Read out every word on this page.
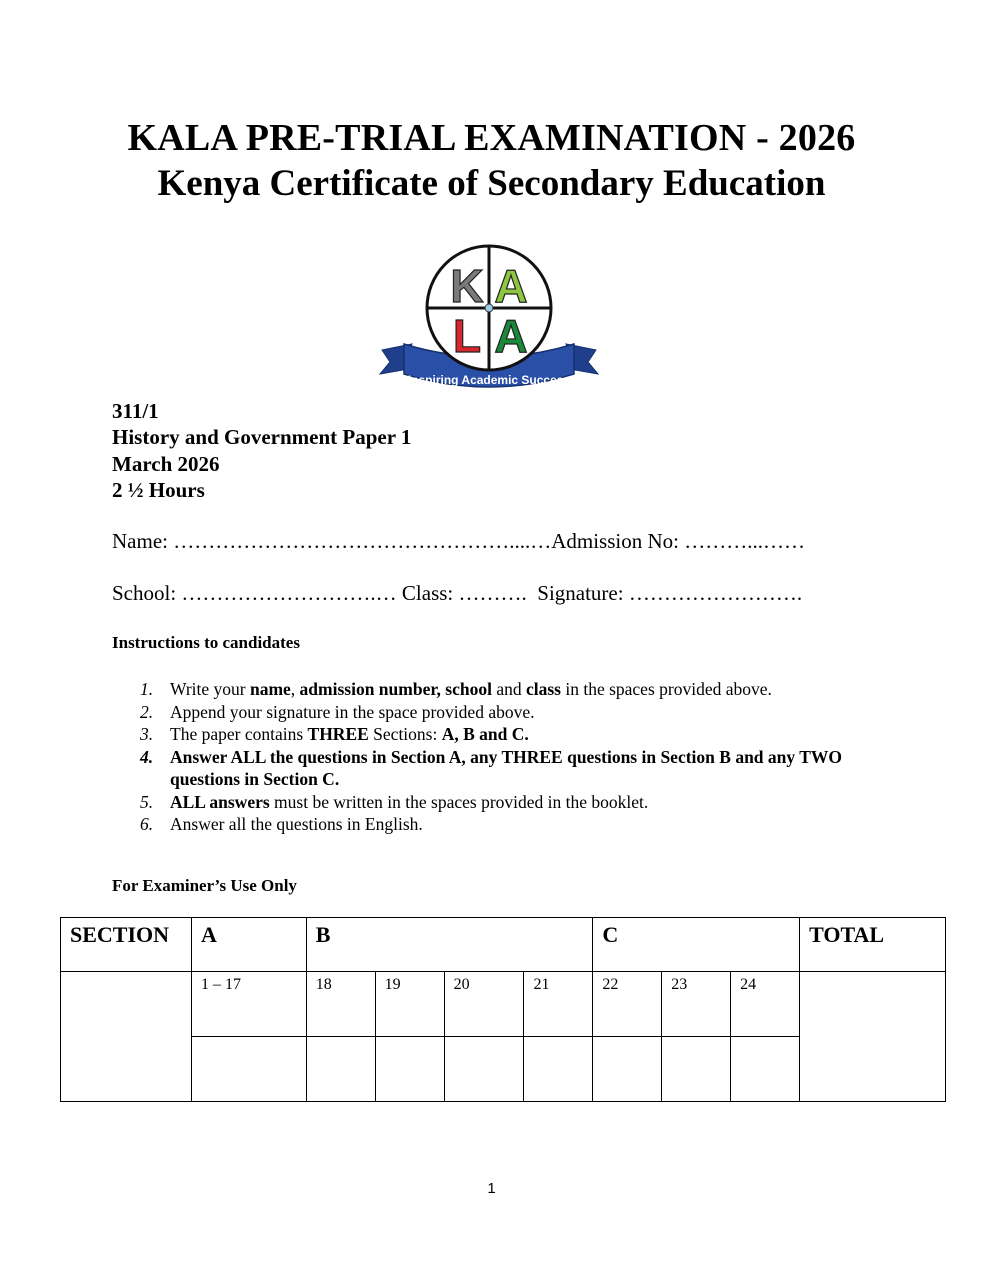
KALA PRE-TRIAL EXAMINATION - 2026
Kenya Certificate of Secondary Education
Inspiring Academic Success
K A
L A
311/1
History and Government Paper 1
March 2026
2 ½ Hours
Name: …………………………………………....…Admission No: ………...……
School: ……………………….… Class: ……….  Signature: …………………….
Instructions to candidates
1. Write your name, admission number, school and class in the spaces provided above.
2. Append your signature in the space provided above.
3. The paper contains THREE Sections: A, B and C.
4. Answer ALL the questions in Section A, any THREE questions in Section B and any TWO questions in Section C.
5. ALL answers must be written in the spaces provided in the booklet.
6. Answer all the questions in English.
For Examiner’s Use Only
SECTION	A	B				C			TOTAL

	1 – 17	18	19	20	21	22	23	24	

1
